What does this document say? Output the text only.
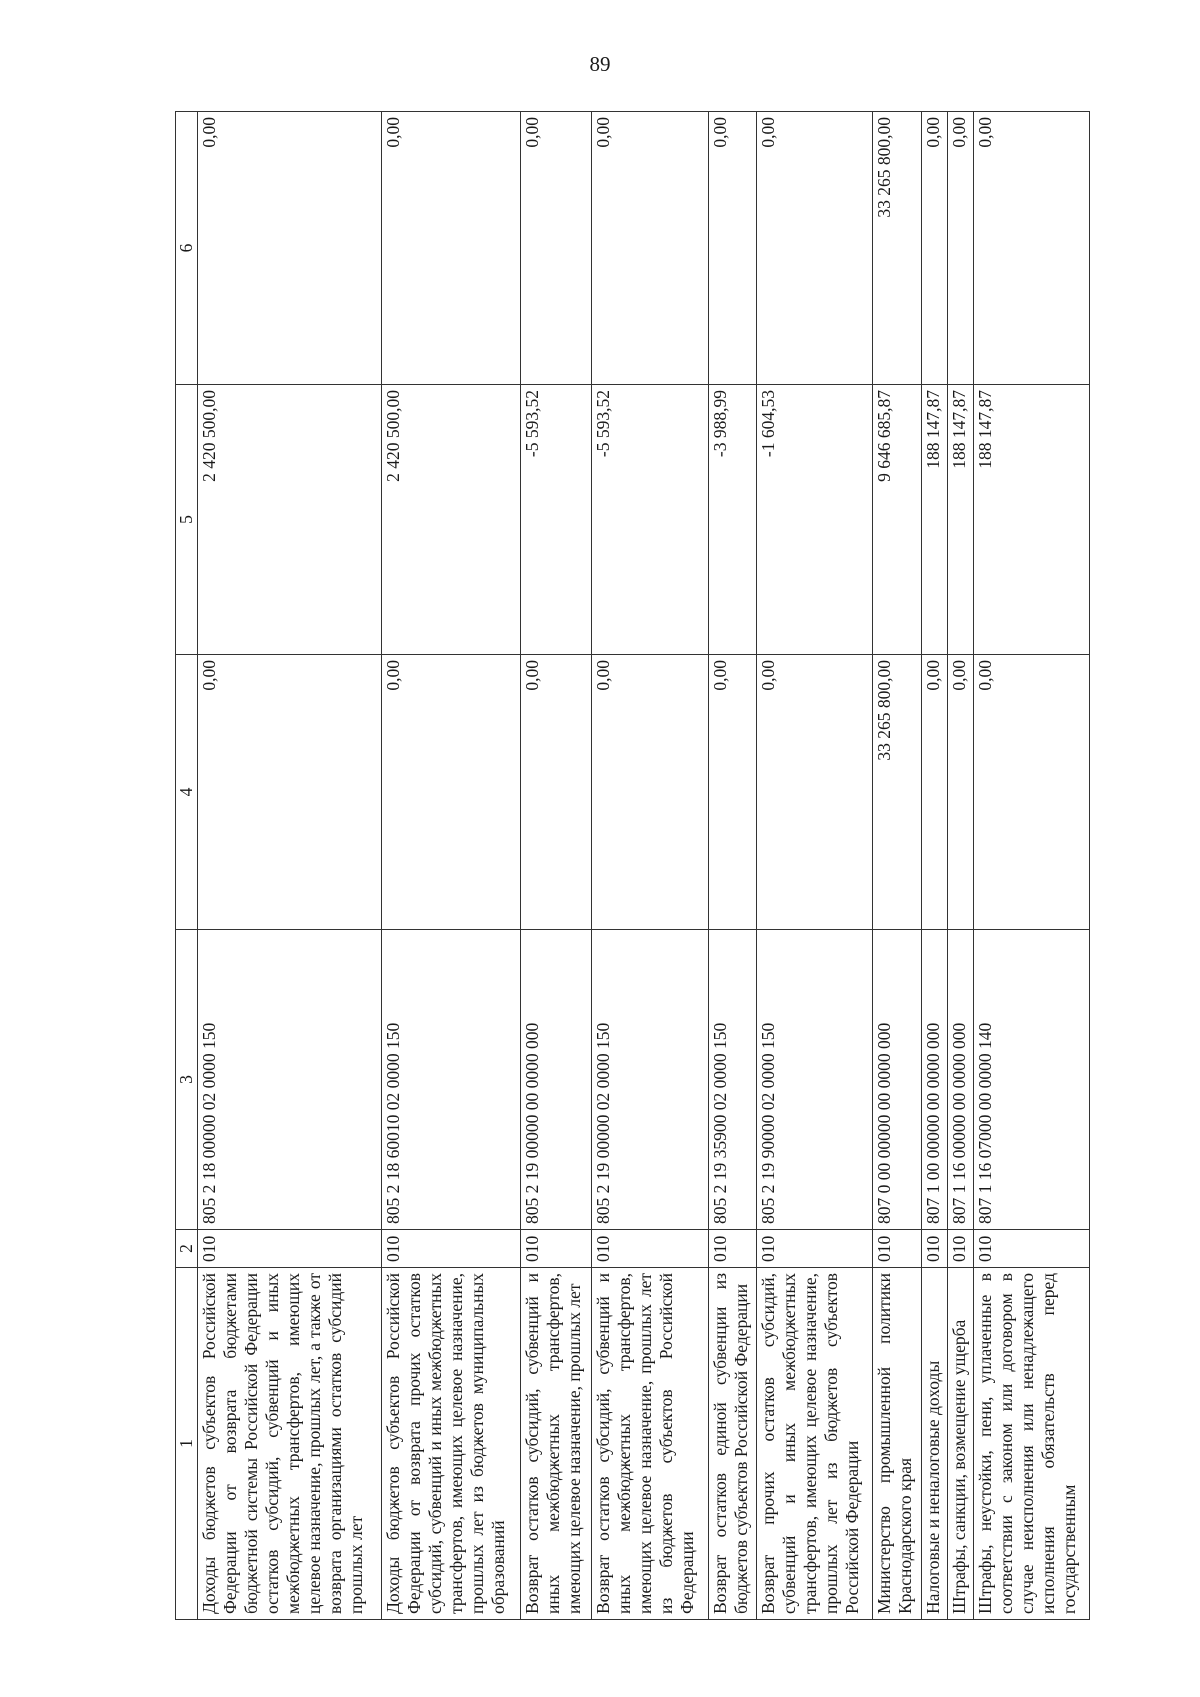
89
1	2	3	4	5	6
Доходы бюджетов субъектов Российской Федерации от возврата бюджетами бюджетной системы Российской Федерации остатков субсидий, субвенций и иных межбюджетных трансфертов, имеющих целевое назначение, прошлых лет, а также от возврата организациями остатков субсидий прошлых лет	010	805 2 18 00000 02 0000 150	0,00	2 420 500,00	0,00
Доходы бюджетов субъектов Российской Федерации от возврата прочих остатков субсидий, субвенций и иных межбюджетных трансфертов, имеющих целевое назначение, прошлых лет из бюджетов муниципальных образований	010	805 2 18 60010 02 0000 150	0,00	2 420 500,00	0,00
Возврат остатков субсидий, субвенций и иных межбюджетных трансфертов, имеющих целевое назначение, прошлых лет	010	805 2 19 00000 00 0000 000	0,00	-5 593,52	0,00
Возврат остатков субсидий, субвенций и иных межбюджетных трансфертов, имеющих целевое назначение, прошлых лет из бюджетов субъектов Российской Федерации	010	805 2 19 00000 02 0000 150	0,00	-5 593,52	0,00
Возврат остатков единой субвенции из бюджетов субъектов Российской Федерации	010	805 2 19 35900 02 0000 150	0,00	-3 988,99	0,00
Возврат прочих остатков субсидий, субвенций и иных межбюджетных трансфертов, имеющих целевое назначение, прошлых лет из бюджетов субъектов Российской Федерации	010	805 2 19 90000 02 0000 150	0,00	-1 604,53	0,00
Министерство промышленной политики Краснодарского края	010	807 0 00 00000 00 0000 000	33 265 800,00	9 646 685,87	33 265 800,00
Налоговые и неналоговые доходы	010	807 1 00 00000 00 0000 000	0,00	188 147,87	0,00
Штрафы, санкции, возмещение ущерба	010	807 1 16 00000 00 0000 000	0,00	188 147,87	0,00
Штрафы, неустойки, пени, уплаченные в соответствии с законом или договором в случае неисполнения или ненадлежащего исполнения обязательств перед государственным	010	807 1 16 07000 00 0000 140	0,00	188 147,87	0,00
